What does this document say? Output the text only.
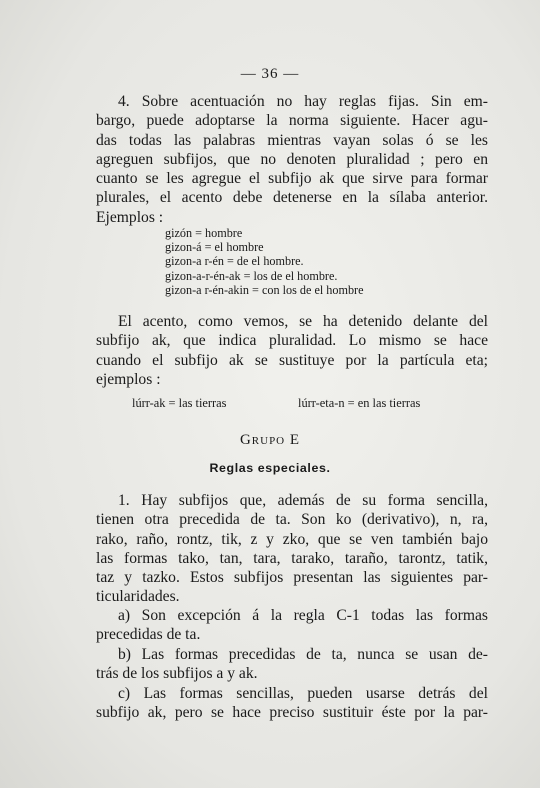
— 36 —
4. Sobre acentuación no hay reglas fijas. Sin em-
bargo, puede adoptarse la norma siguiente. Hacer agu-
das todas las palabras mientras vayan solas ó se les
agreguen subfijos, que no denoten pluralidad ; pero en
cuanto se les agregue el subfijo ak que sirve para formar
plurales, el acento debe detenerse en la sílaba anterior.
Ejemplos :
gizón = hombre
gizon-á = el hombre
gizon-a r-én = de el hombre.
gizon-a-r-én-ak = los de el hombre.
gizon-a r-én-akin = con los de el hombre
El acento, como vemos, se ha detenido delante del
subfijo ak, que indica pluralidad. Lo mismo se hace
cuando el subfijo ak se sustituye por la partícula eta;
ejemplos :
lúrr-ak = las tierras	lúrr-eta-n = en las tierras
Grupo E
Reglas especiales.
1. Hay subfijos que, además de su forma sencilla,
tienen otra precedida de ta. Son ko (derivativo), n, ra,
rako, raño, rontz, tik, z y zko, que se ven también bajo
las formas tako, tan, tara, tarako, taraño, tarontz, tatik,
taz y tazko. Estos subfijos presentan las siguientes par-
ticularidades.
a) Son excepción á la regla C-1 todas las formas
precedidas de ta.
b) Las formas precedidas de ta, nunca se usan de-
trás de los subfijos a y ak.
c) Las formas sencillas, pueden usarse detrás del
subfijo ak, pero se hace preciso sustituir éste por la par-
